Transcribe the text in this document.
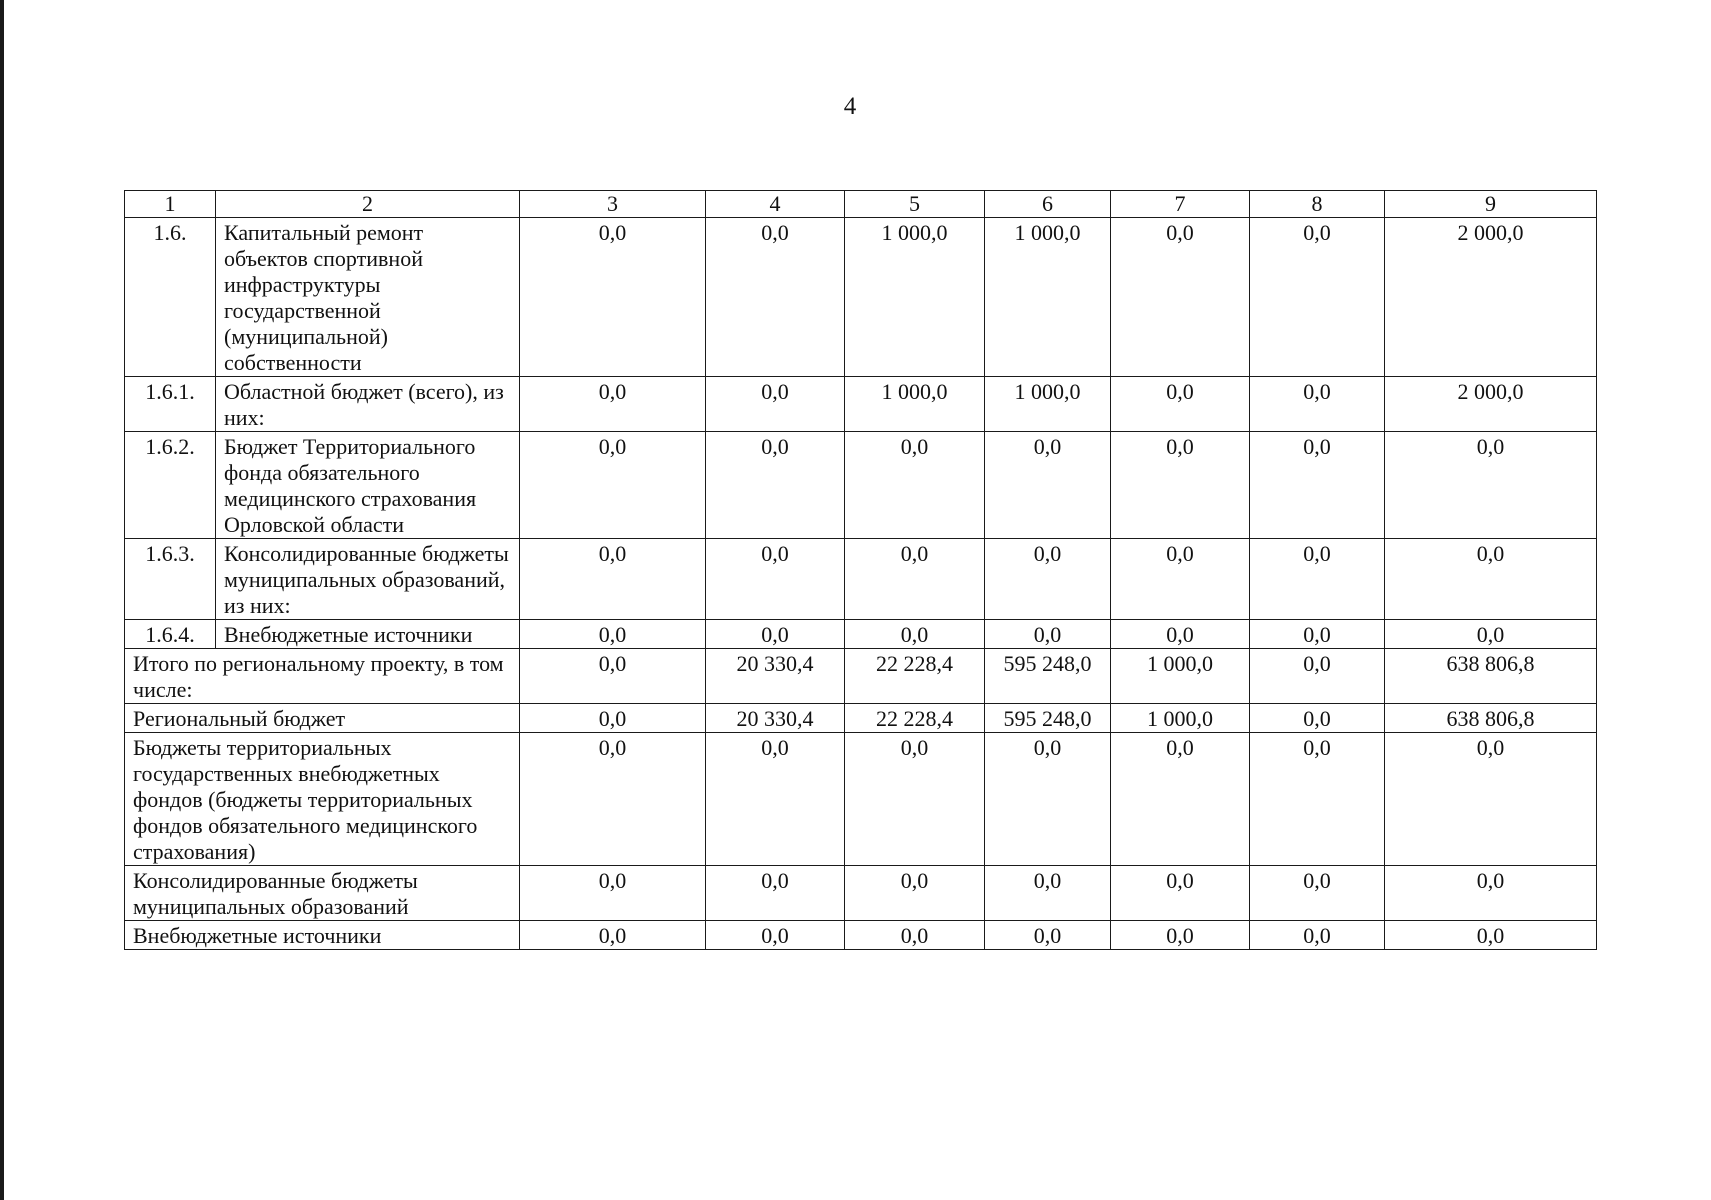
4
1	2	3	4	5	6	7	8	9
1.6.	Капитальный ремонт объектов спортивной инфраструктуры государственной (муниципальной) собственности	0,0	0,0	1 000,0	1 000,0	0,0	0,0	2 000,0
1.6.1.	Областной бюджет (всего), из них:	0,0	0,0	1 000,0	1 000,0	0,0	0,0	2 000,0
1.6.2.	Бюджет Территориального фонда обязательного медицинского страхования Орловской области	0,0	0,0	0,0	0,0	0,0	0,0	0,0
1.6.3.	Консолидированные бюджеты муниципальных образований, из них:	0,0	0,0	0,0	0,0	0,0	0,0	0,0
1.6.4.	Внебюджетные источники	0,0	0,0	0,0	0,0	0,0	0,0	0,0
Итого по региональному проекту, в том числе:		0,0	20 330,4	22 228,4	595 248,0	1 000,0	0,0	638 806,8
Региональный бюджет		0,0	20 330,4	22 228,4	595 248,0	1 000,0	0,0	638 806,8
Бюджеты территориальных государственных внебюджетных фондов (бюджеты территориальных фондов обязательного медицинского страхования)		0,0	0,0	0,0	0,0	0,0	0,0	0,0
Консолидированные бюджеты муниципальных образований		0,0	0,0	0,0	0,0	0,0	0,0	0,0
Внебюджетные источники		0,0	0,0	0,0	0,0	0,0	0,0	0,0
